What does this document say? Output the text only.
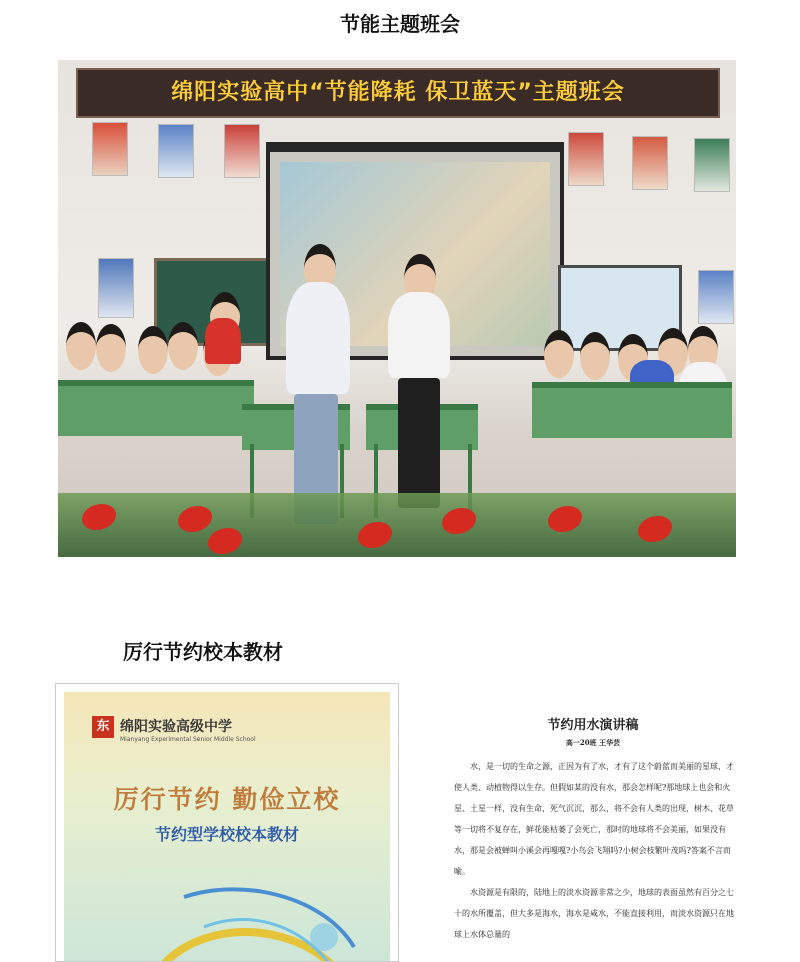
节能主题班会
绵阳实验高中“节能降耗 保卫蓝天”主题班会
厉行节约校本教材
东 绵阳实验高级中学
Mianyang Experimental Senior Middle School
厉行节约 勤俭立校
节约型学校校本教材
节约用水演讲稿
高一20班 王华芸

水，是一切的生命之源，正因为有了水，才有了这个蔚蓝而美丽的星球，才使人类、动植物得以生存。但假如某的没有水，那会怎样呢?那地球上也会和火星、土星一样，没有生命，死气沉沉，那么，将不会有人类的出现，树木、花草等一切将不复存在，鲜花能枯萎了会死亡，那时的地球将不会美丽，如果没有水，那是会被蝉叫小溪会再嘎嘎?小鸟会飞翔吗?小树会枝繁叶茂吗?答案不言而喻。

水资源是有限的，陆地上的淡水资源非常之少，地球的表面虽然有百分之七十的水所覆盖，但大多是海水，海水是咸水，不能直接利用，而淡水资源只在地球上水体总量的
